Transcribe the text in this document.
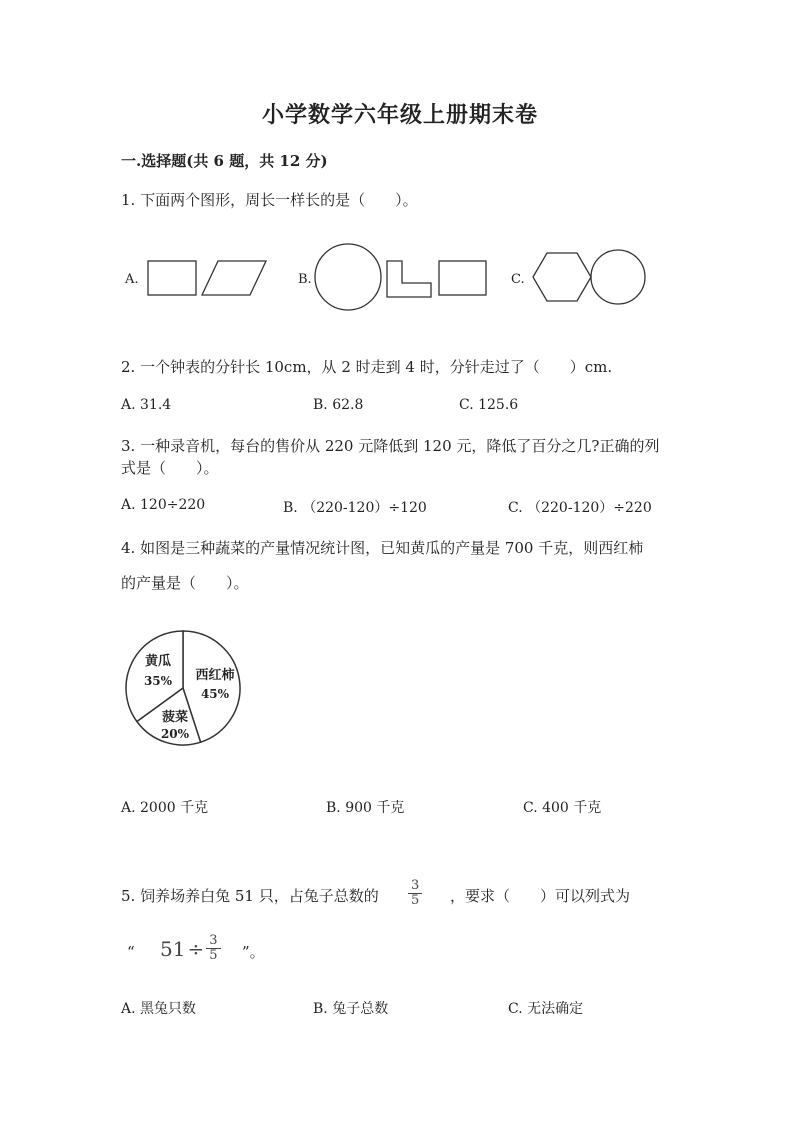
小学数学六年级上册期末卷
一.选择题(共 6 题，共 12 分)
1. 下面两个图形，周长一样长的是（　　）。
A.	B.	C.
2. 一个钟表的分针长 10cm，从 2 时走到 4 时，分针走过了（　　）cm.
A. 31.4	B. 62.8	C. 125.6
3. 一种录音机，每台的售价从 220 元降低到 120 元，降低了百分之几?正确的列
式是（　　）。
A. 120÷220	B. （220-120）÷120	C. （220-120）÷220
4. 如图是三种蔬菜的产量情况统计图，已知黄瓜的产量是 700 千克，则西红柿
的产量是（　　）。
黄瓜
35% 西红柿
45%
菠菜
20%
A. 2000 千克	B. 900 千克	C. 400 千克
5. 饲养场养白兔 51 只，占兔子总数的 $\frac{3}{5}$ ，要求（　　）可以列式为
“ $51 \div \frac{3}{5}$ ”。
A. 黑兔只数	B. 兔子总数	C. 无法确定
